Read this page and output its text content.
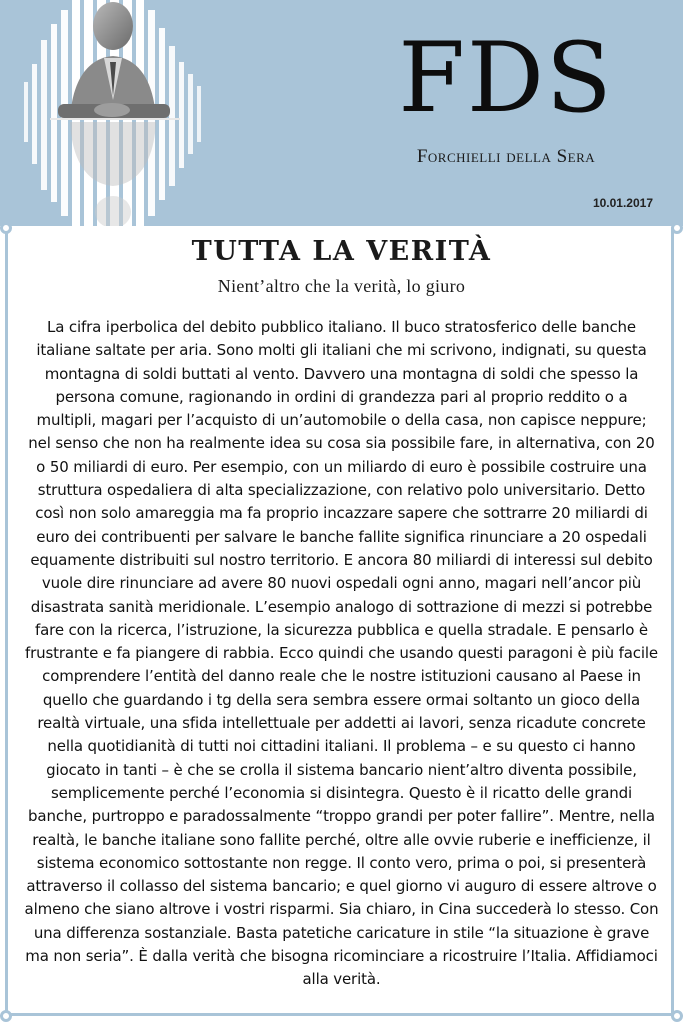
FDS
Forchielli della Sera
10.01.2017
TUTTA LA VERITÀ
Nient’altro che la verità, lo giuro

La cifra iperbolica del debito pubblico italiano. Il buco stratosferico delle banche italiane saltate per aria. Sono molti gli italiani che mi scrivono, indignati, su questa montagna di soldi buttati al vento. Davvero una montagna di soldi che spesso la persona comune, ragionando in ordini di grandezza pari al proprio reddito o a multipli, magari per l’acquisto di un’automobile o della casa, non capisce neppure; nel senso che non ha realmente idea su cosa sia possibile fare, in alternativa, con 20 o 50 miliardi di euro. Per esempio, con un miliardo di euro è possibile costruire una struttura ospedaliera di alta specializzazione, con relativo polo universitario. Detto così non solo amareggia ma fa proprio incazzare sapere che sottrarre 20 miliardi di euro dei contribuenti per salvare le banche fallite significa rinunciare a 20 ospedali equamente distribuiti sul nostro territorio. E ancora 80 miliardi di interessi sul debito vuole dire rinunciare ad avere 80 nuovi ospedali ogni anno, magari nell’ancor più disastrata sanità meridionale. L’esempio analogo di sottrazione di mezzi si potrebbe fare con la ricerca, l’istruzione, la sicurezza pubblica e quella stradale. E pensarlo è frustrante e fa piangere di rabbia. Ecco quindi che usando questi paragoni è più facile comprendere l’entità del danno reale che le nostre istituzioni causano al Paese in quello che guardando i tg della sera sembra essere ormai soltanto un gioco della realtà virtuale, una sfida intellettuale per addetti ai lavori, senza ricadute concrete nella quotidianità di tutti noi cittadini italiani. Il problema – e su questo ci hanno giocato in tanti – è che se crolla il sistema bancario nient’altro diventa possibile, semplicemente perché l’economia si disintegra. Questo è il ricatto delle grandi banche, purtroppo e paradossalmente “troppo grandi per poter fallire”. Mentre, nella realtà, le banche italiane sono fallite perché, oltre alle ovvie ruberie e inefficienze, il sistema economico sottostante non regge. Il conto vero, prima o poi, si presenterà attraverso il collasso del sistema bancario; e quel giorno vi auguro di essere altrove o almeno che siano altrove i vostri risparmi. Sia chiaro, in Cina succederà lo stesso. Con una differenza sostanziale. Basta patetiche caricature in stile “la situazione è grave ma non seria”. È dalla verità che bisogna ricominciare a ricostruire l’Italia. Affidiamoci alla verità.
